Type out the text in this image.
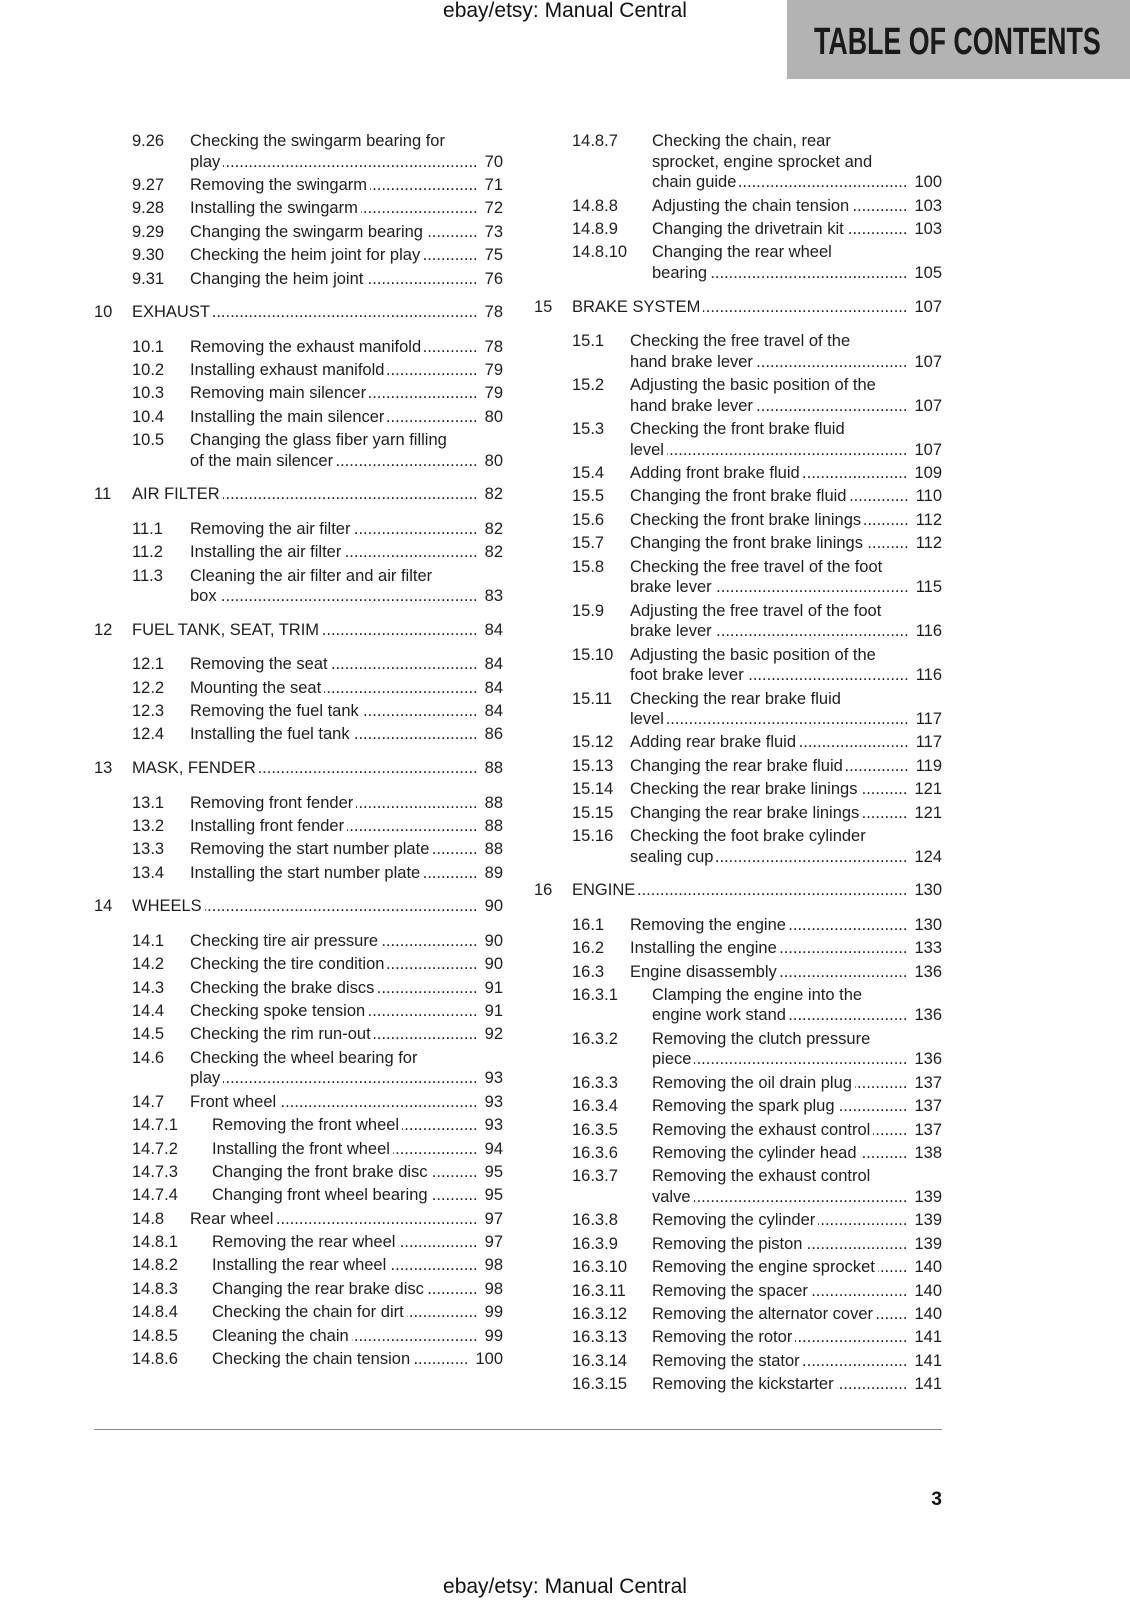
ebay/etsy: Manual Central
TABLE OF CONTENTS
9.26 Checking the swingarm bearing for
play .....	70
9.27 Removing the swingarm .....	71
9.28 Installing the swingarm .....	72
9.29 Changing the swingarm bearing .....	73
9.30 Checking the heim joint for play .....	75
9.31 Changing the heim joint .....	76
10 EXHAUST .....	78
10.1 Removing the exhaust manifold .....	78
10.2 Installing exhaust manifold .....	79
10.3 Removing main silencer .....	79
10.4 Installing the main silencer .....	80
10.5 Changing the glass fiber yarn filling
of the main silencer .....	80
11 AIR FILTER .....	82
11.1 Removing the air filter .....	82
11.2 Installing the air filter .....	82
11.3 Cleaning the air filter and air filter
box .....	83
12 FUEL TANK, SEAT, TRIM .....	84
12.1 Removing the seat .....	84
12.2 Mounting the seat .....	84
12.3 Removing the fuel tank .....	84
12.4 Installing the fuel tank .....	86
13 MASK, FENDER .....	88
13.1 Removing front fender .....	88
13.2 Installing front fender .....	88
13.3 Removing the start number plate .....	88
13.4 Installing the start number plate .....	89
14 WHEELS .....	90
14.1 Checking tire air pressure .....	90
14.2 Checking the tire condition .....	90
14.3 Checking the brake discs .....	91
14.4 Checking spoke tension .....	91
14.5 Checking the rim run-out .....	92
14.6 Checking the wheel bearing for
play .....	93
14.7 Front wheel .....	93
14.7.1 Removing the front wheel .....	93
14.7.2 Installing the front wheel .....	94
14.7.3 Changing the front brake disc .....	95
14.7.4 Changing front wheel bearing .....	95
14.8 Rear wheel .....	97
14.8.1 Removing the rear wheel .....	97
14.8.2 Installing the rear wheel .....	98
14.8.3 Changing the rear brake disc .....	98
14.8.4 Checking the chain for dirt .....	99
14.8.5 Cleaning the chain .....	99
14.8.6 Checking the chain tension .....	100
14.8.7 Checking the chain, rear
sprocket, engine sprocket and
chain guide .....	100
14.8.8 Adjusting the chain tension .....	103
14.8.9 Changing the drivetrain kit .....	103
14.8.10 Changing the rear wheel
bearing .....	105
15 BRAKE SYSTEM .....	107
15.1 Checking the free travel of the
hand brake lever .....	107
15.2 Adjusting the basic position of the
hand brake lever .....	107
15.3 Checking the front brake fluid
level .....	107
15.4 Adding front brake fluid .....	109
15.5 Changing the front brake fluid .....	110
15.6 Checking the front brake linings .....	112
15.7 Changing the front brake linings .....	112
15.8 Checking the free travel of the foot
brake lever .....	115
15.9 Adjusting the free travel of the foot
brake lever .....	116
15.10 Adjusting the basic position of the
foot brake lever .....	116
15.11 Checking the rear brake fluid
level .....	117
15.12 Adding rear brake fluid .....	117
15.13 Changing the rear brake fluid .....	119
15.14 Checking the rear brake linings .....	121
15.15 Changing the rear brake linings .....	121
15.16 Checking the foot brake cylinder
sealing cup .....	124
16 ENGINE .....	130
16.1 Removing the engine .....	130
16.2 Installing the engine .....	133
16.3 Engine disassembly .....	136
16.3.1 Clamping the engine into the
engine work stand .....	136
16.3.2 Removing the clutch pressure
piece .....	136
16.3.3 Removing the oil drain plug .....	137
16.3.4 Removing the spark plug .....	137
16.3.5 Removing the exhaust control .....	137
16.3.6 Removing the cylinder head .....	138
16.3.7 Removing the exhaust control
valve .....	139
16.3.8 Removing the cylinder .....	139
16.3.9 Removing the piston .....	139
16.3.10 Removing the engine sprocket ..... 140
16.3.11 Removing the spacer .....	140
16.3.12 Removing the alternator cover .....	140
16.3.13 Removing the rotor .....	141
16.3.14 Removing the stator .....	141
16.3.15 Removing the kickstarter .....	141
3
ebay/etsy: Manual Central
